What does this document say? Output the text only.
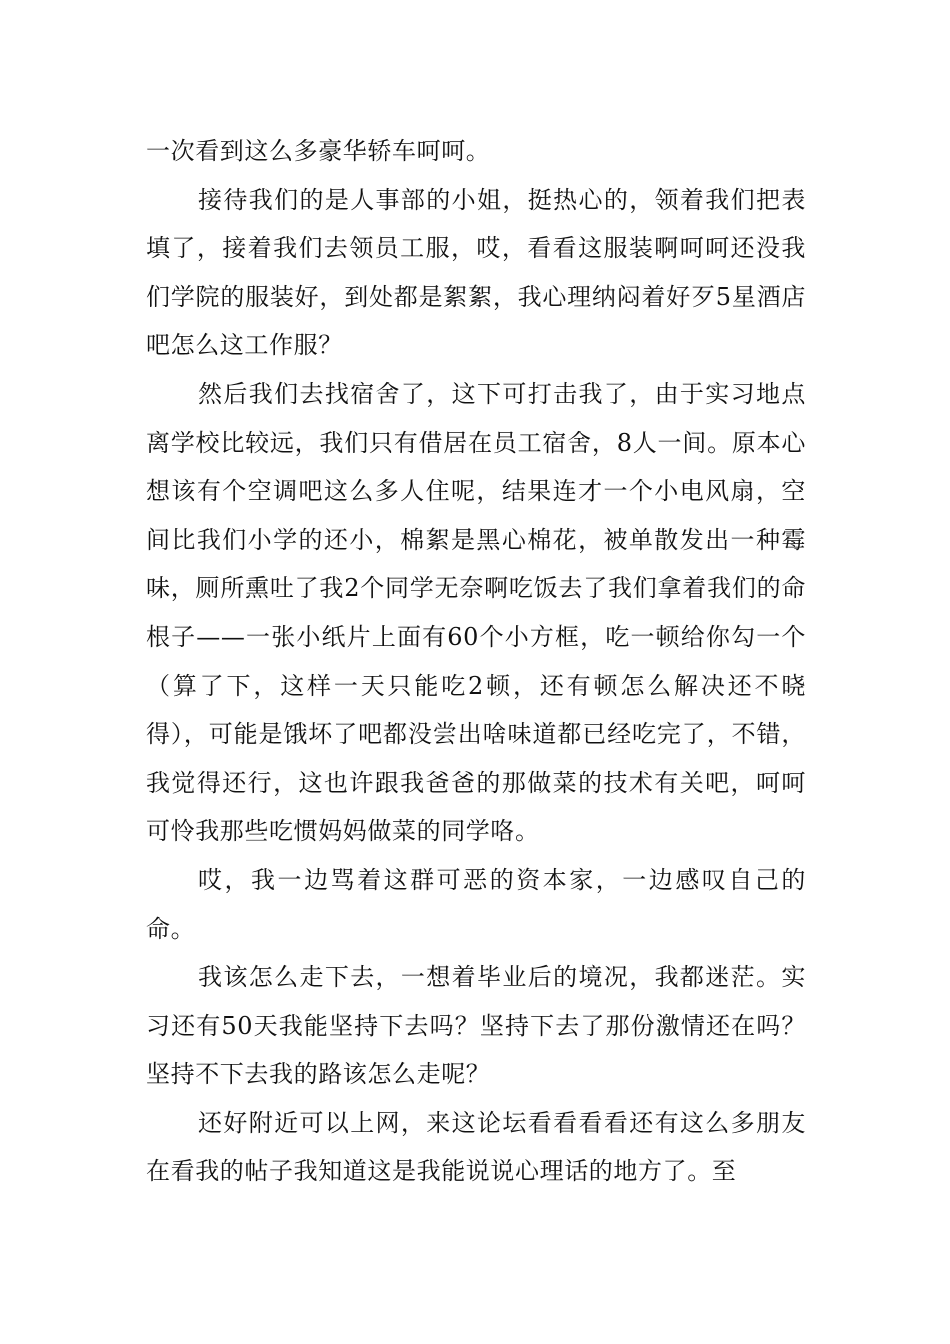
一次看到这么多豪华轿车呵呵。

接待我们的是人事部的小姐，挺热心的，领着我们把表填了，接着我们去领员工服，哎，看看这服装啊呵呵还没我们学院的服装好，到处都是絮絮，我心理纳闷着好歹5星酒店吧怎么这工作服？

然后我们去找宿舍了，这下可打击我了，由于实习地点离学校比较远，我们只有借居在员工宿舍，8人一间。原本心想该有个空调吧这么多人住呢，结果连才一个小电风扇，空间比我们小学的还小，棉絮是黑心棉花，被单散发出一种霉味，厕所熏吐了我2个同学无奈啊吃饭去了我们拿着我们的命根子——一张小纸片上面有60个小方框，吃一顿给你勾一个（算了下，这样一天只能吃2顿，还有顿怎么解决还不晓得），可能是饿坏了吧都没尝出啥味道都已经吃完了，不错，我觉得还行，这也许跟我爸爸的那做菜的技术有关吧，呵呵可怜我那些吃惯妈妈做菜的同学咯。

哎，我一边骂着这群可恶的资本家，一边感叹自己的命。

我该怎么走下去，一想着毕业后的境况，我都迷茫。实习还有50天我能坚持下去吗？坚持下去了那份激情还在吗？坚持不下去我的路该怎么走呢？

还好附近可以上网，来这论坛看看看看还有这么多朋友在看我的帖子我知道这是我能说说心理话的地方了。至
